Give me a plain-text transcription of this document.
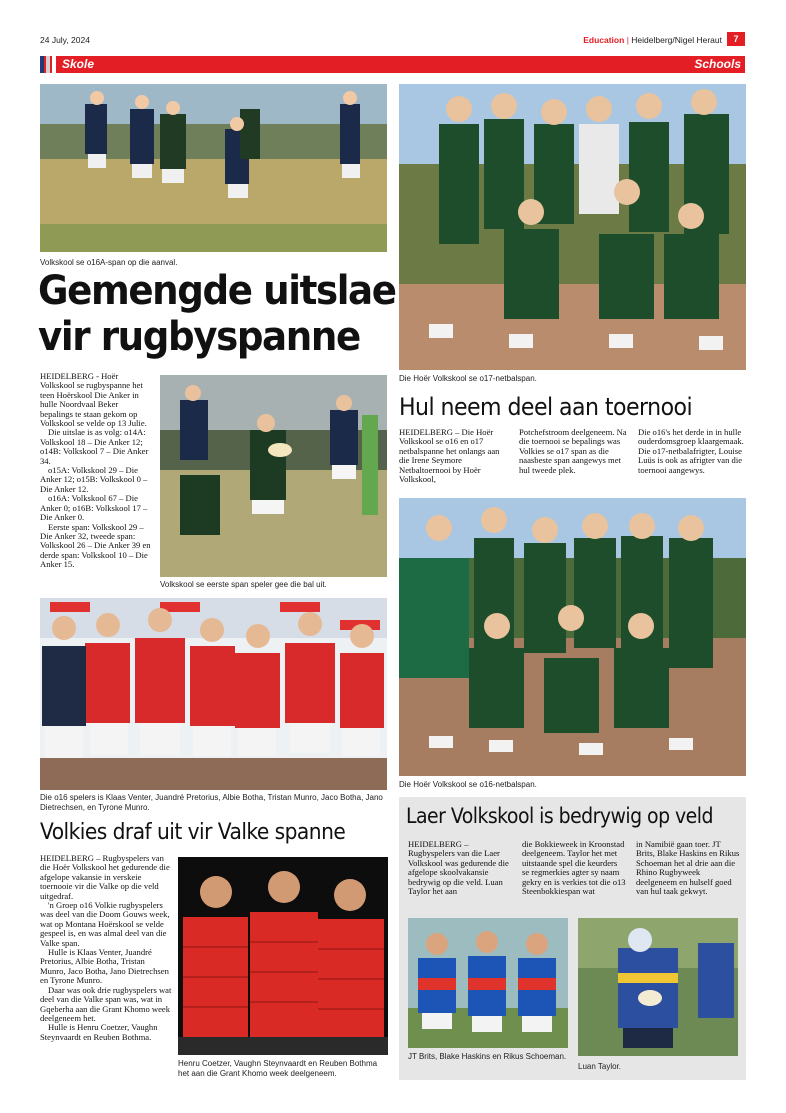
24 July, 2024	Education | Heidelberg/Nigel Heraut	7
Skole	Schools
Volkskool se o16A-span op die aanval.
Gemengde uitslae
vir rugbyspanne

HEIDELBERG - Hoër Volkskool se rugbyspanne het teen Hoërskool Die Anker in hulle Noordvaal Beker bepalings te staan gekom op Volkskool se velde op 13 Julie.

Die uitslae is as volg: o14A: Volkskool 18 – Die Anker 12; o14B: Volkskool 7 – Die Anker 34.

o15A: Volkskool 29 – Die Anker 12; o15B: Volkskool 0 – Die Anker 12.

o16A: Volkskool 67 – Die Anker 0; o16B: Volkskool 17 – Die Anker 0.

Eerste span: Volkskool 29 – Die Anker 32, tweede span: Volkskool 26 – Die Anker 39 en derde span: Volkskool 10 – Die Anker 15.

Volkskool se eerste span speler gee die bal uit.
Die o16 spelers is Klaas Venter, Juandré Pretorius, Albie Botha, Tristan Munro, Jaco Botha, Jano Dietrechsen, en Tyrone Munro.
Volkies draf uit vir Valke spanne

HEIDELBERG – Rugbyspelers van die Hoër Volkskool het gedurende die afgelope vakansie in verskeie toernooie vir die Valke op die veld uitgedraf.

'n Groep o16 Volkie rugbyspelers was deel van die Doom Gouws week, wat op Montana Hoërskool se velde gespeel is, en was almal deel van die Valke span.

Hulle is Klaas Venter, Juandré Pretorius, Albie Botha, Tristan Munro, Jaco Botha, Jano Dietrechsen en Tyrone Munro.

Daar was ook drie rugbyspelers wat deel van die Valke span was, wat in Gqeberha aan die Grant Khomo week deelgeneem het.

Hulle is Henru Coetzer, Vaughn Steynvaardt en Reuben Bothma.

Henru Coetzer, Vaughn Steynvaardt en Reuben Bothma het aan die Grant Khomo week deelgeneem.
Die Hoër Volkskool se o17-netbalspan.
Hul neem deel aan toernooi

HEIDELBERG – Die Hoër Volkskool se o16 en o17 netbalspanne het onlangs aan die Irene Seymore Netbaltoernooi by Hoër Volkskool,

Potchefstroom deelgeneem. Na die toernooi se bepalings was Volkies se o17 span as die naasbeste span aangewys met hul tweede plek.

Die o16's het derde in in hulle ouderdomsgroep klaargemaak. Die o17-netbalafrigter, Louise Luüs is ook as afrigter van die toernooi aangewys.

Die Hoër Volkskool se o16-netbalspan.
Laer Volkskool is bedrywig op veld

HEIDELBERG – Rugbyspelers van die Laer Volkskool was gedurende die afgelope skoolvakansie bedrywig op die veld. Luan Taylor het aan

die Bokkieweek in Kroonstad deelgeneem. Taylor het met uitstaande spel die keurders se regmerkies agter sy naam gekry en is verkies tot die o13 Steenbokkiespan wat

in Namibië gaan toer. JT Brits, Blake Haskins en Rikus Schoeman het al drie aan die Rhino Rugbyweek deelgeneem en hulself goed van hul taak gekwyt.

JT Brits, Blake Haskins en Rikus Schoeman.
Luan Taylor.
